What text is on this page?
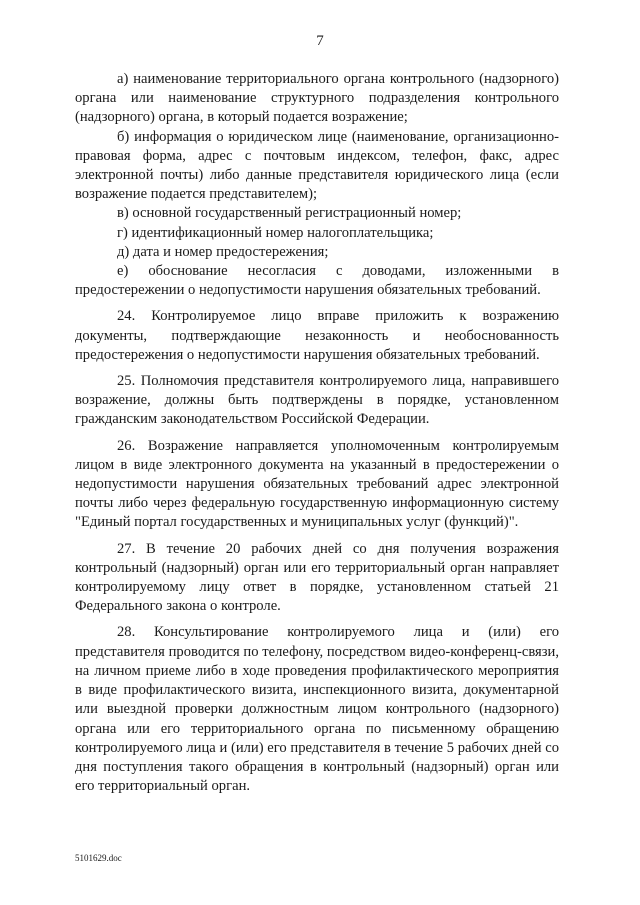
7

а) наименование территориального органа контрольного (надзорного) органа или наименование структурного подразделения контрольного (надзорного) органа, в который подается возражение;

б) информация о юридическом лице (наименование, организационно-правовая форма, адрес с почтовым индексом, телефон, факс, адрес электронной почты) либо данные представителя юридического лица (если возражение подается представителем);

в) основной государственный регистрационный номер;

г) идентификационный номер налогоплательщика;

д) дата и номер предостережения;

е) обоснование несогласия с доводами, изложенными в предостережении о недопустимости нарушения обязательных требований.

24. Контролируемое лицо вправе приложить к возражению документы, подтверждающие незаконность и необоснованность предостережения о недопустимости нарушения обязательных требований.

25. Полномочия представителя контролируемого лица, направившего возражение, должны быть подтверждены в порядке, установленном гражданским законодательством Российской Федерации.

26. Возражение направляется уполномоченным контролируемым лицом в виде электронного документа на указанный в предостережении о недопустимости нарушения обязательных требований адрес электронной почты либо через федеральную государственную информационную систему "Единый портал государственных и муниципальных услуг (функций)".

27. В течение 20 рабочих дней со дня получения возражения контрольный (надзорный) орган или его территориальный орган направляет контролируемому лицу ответ в порядке, установленном статьей 21 Федерального закона о контроле.

28. Консультирование контролируемого лица и (или) его представителя проводится по телефону, посредством видео-конференц-связи, на личном приеме либо в ходе проведения профилактического мероприятия в виде профилактического визита, инспекционного визита, документарной или выездной проверки должностным лицом контрольного (надзорного) органа или его территориального органа по письменному обращению контролируемого лица и (или) его представителя в течение 5 рабочих дней со дня поступления такого обращения в контрольный (надзорный) орган или его территориальный орган.

5101629.doc
